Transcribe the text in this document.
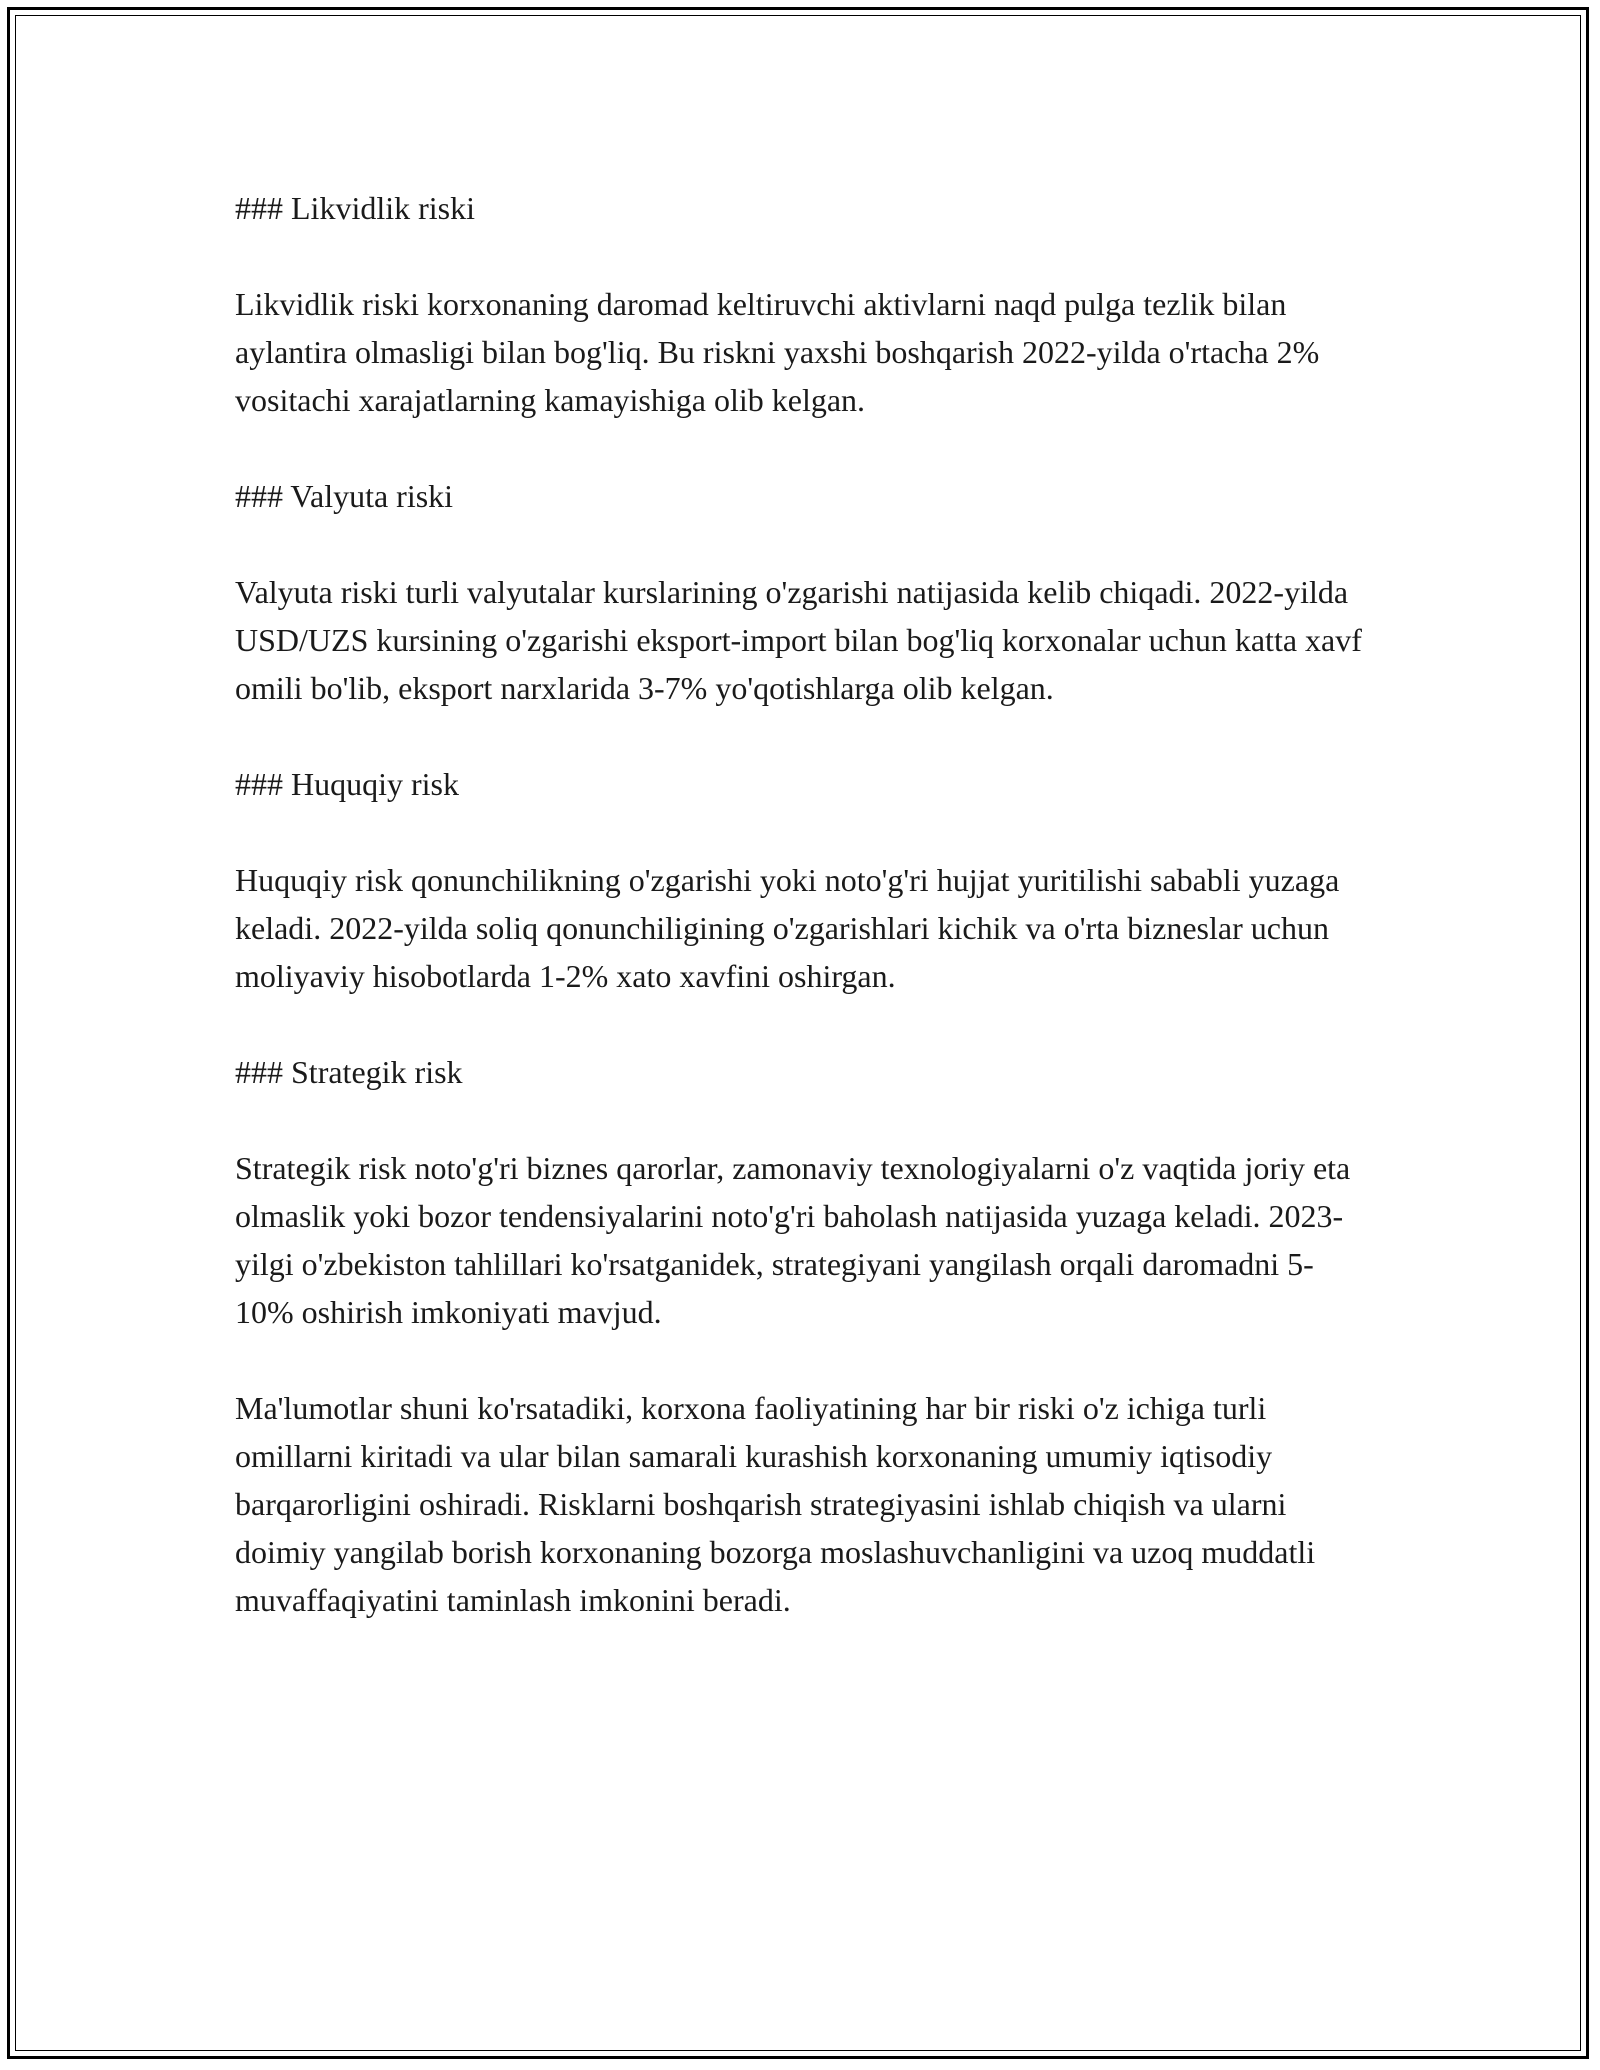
### Likvidlik riski
Likvidlik riski korxonaning daromad keltiruvchi aktivlarni naqd pulga tezlik bilan aylantira olmasligi bilan bog'liq. Bu riskni yaxshi boshqarish 2022-yilda o'rtacha 2% vositachi xarajatlarning kamayishiga olib kelgan.
### Valyuta riski
Valyuta riski turli valyutalar kurslarining o'zgarishi natijasida kelib chiqadi. 2022-yilda USD/UZS kursining o'zgarishi eksport-import bilan bog'liq korxonalar uchun katta xavf omili bo'lib, eksport narxlarida 3-7% yo'qotishlarga olib kelgan.
### Huquqiy risk
Huquqiy risk qonunchilikning o'zgarishi yoki noto'g'ri hujjat yuritilishi sababli yuzaga keladi. 2022-yilda soliq qonunchiligining o'zgarishlari kichik va o'rta bizneslar uchun moliyaviy hisobotlarda 1-2% xato xavfini oshirgan.
### Strategik risk
Strategik risk noto'g'ri biznes qarorlar, zamonaviy texnologiyalarni o'z vaqtida joriy eta olmaslik yoki bozor tendensiyalarini noto'g'ri baholash natijasida yuzaga keladi. 2023-yilgi o'zbekiston tahlillari ko'rsatganidek, strategiyani yangilash orqali daromadni 5-10% oshirish imkoniyati mavjud.
Ma'lumotlar shuni ko'rsatadiki, korxona faoliyatining har bir riski o'z ichiga turli omillarni kiritadi va ular bilan samarali kurashish korxonaning umumiy iqtisodiy barqarorligini oshiradi. Risklarni boshqarish strategiyasini ishlab chiqish va ularni doimiy yangilab borish korxonaning bozorga moslashuvchanligini va uzoq muddatli muvaffaqiyatini taminlash imkonini beradi.
